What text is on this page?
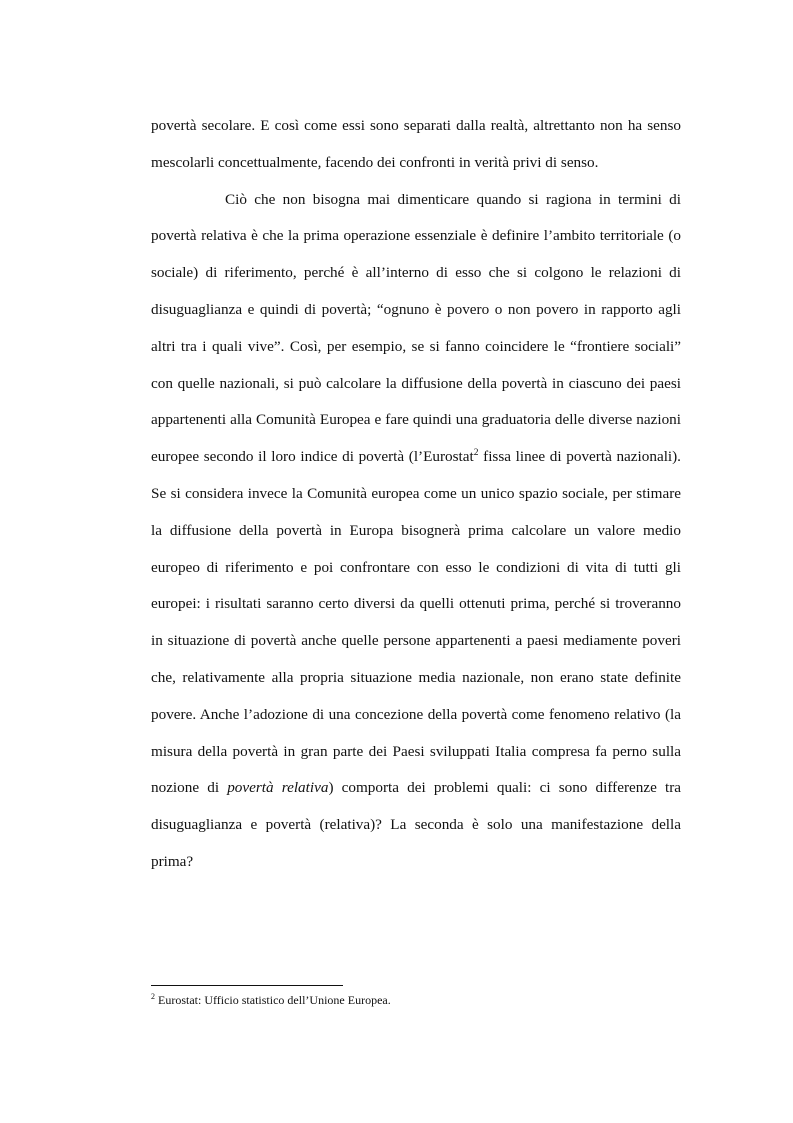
povertà secolare. E così come essi sono separati dalla realtà, altrettanto non ha senso mescolarli concettualmente, facendo dei confronti in verità privi di senso.

Ciò che non bisogna mai dimenticare quando si ragiona in termini di povertà relativa è che la prima operazione essenziale è definire l’ambito territoriale (o sociale) di riferimento, perché è all’interno di esso che si colgono le relazioni di disuguaglianza e quindi di povertà; “ognuno è povero o non povero in rapporto agli altri tra i quali vive”. Così, per esempio, se si fanno coincidere le “frontiere sociali” con quelle nazionali, si può calcolare la diffusione della povertà in ciascuno dei paesi appartenenti alla Comunità Europea e fare quindi una graduatoria delle diverse nazioni europee secondo il loro indice di povertà (l’Eurostat$^2$ fissa linee di povertà nazionali). Se si considera invece la Comunità europea come un unico spazio sociale, per stimare la diffusione della povertà in Europa bisognerà prima calcolare un valore medio europeo di riferimento e poi confrontare con esso le condizioni di vita di tutti gli europei: i risultati saranno certo diversi da quelli ottenuti prima, perché si troveranno in situazione di povertà anche quelle persone appartenenti a paesi mediamente poveri che, relativamente alla propria situazione media nazionale, non erano state definite povere. Anche l’adozione di una concezione della povertà come fenomeno relativo (la misura della povertà in gran parte dei Paesi sviluppati Italia compresa fa perno sulla nozione di povertà relativa) comporta dei problemi quali: ci sono differenze tra disuguaglianza e povertà (relativa)? La seconda è solo una manifestazione della prima?

$^2$ Eurostat: Ufficio statistico dell’Unione Europea.
